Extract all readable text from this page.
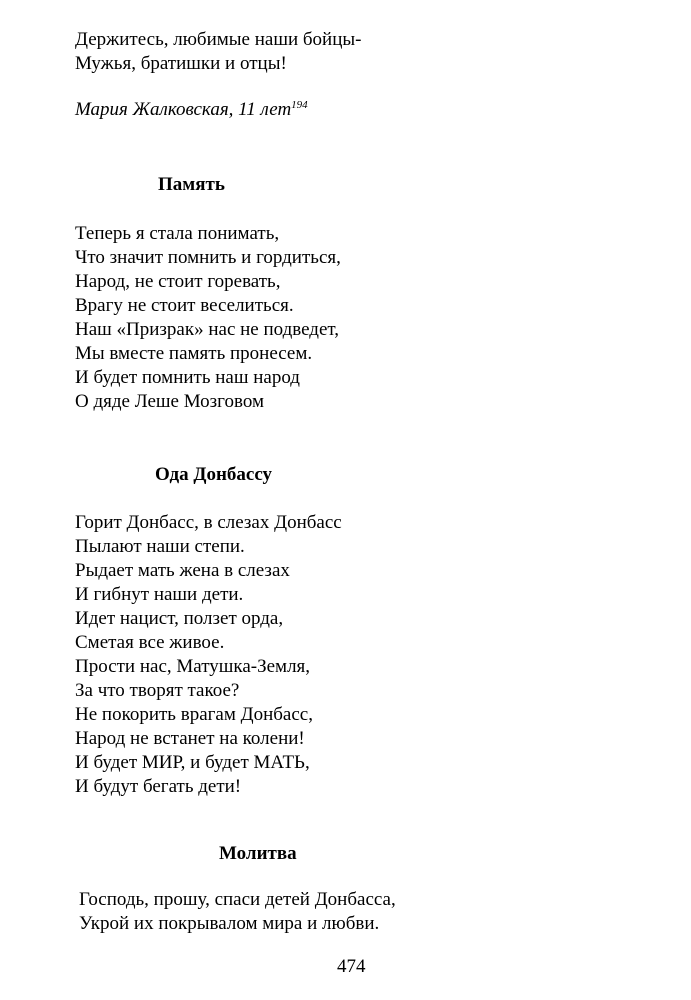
Держитесь, любимые наши бойцы-
Мужья, братишки и отцы!
Мария Жалковская, 11 лет$^{194}$
Память
Теперь я стала понимать,
Что значит помнить и гордиться,
Народ, не стоит горевать,
Врагу не стоит веселиться.
Наш «Призрак» нас не подведет,
Мы вместе память пронесем.
И будет помнить наш народ
О дяде Леше Мозговом
Ода Донбассу
Горит Донбасс, в слезах Донбасс
Пылают наши степи.
Рыдает мать жена в слезах
И гибнут наши дети.
Идет нацист, ползет орда,
Сметая все живое.
Прости нас, Матушка-Земля,
За что творят такое?
Не покорить врагам Донбасс,
Народ не встанет на колени!
И будет МИР, и будет МАТЬ,
И будут бегать дети!
Молитва
Господь, прошу, спаси детей Донбасса,
Укрой их покрывалом мира и любви.
474
